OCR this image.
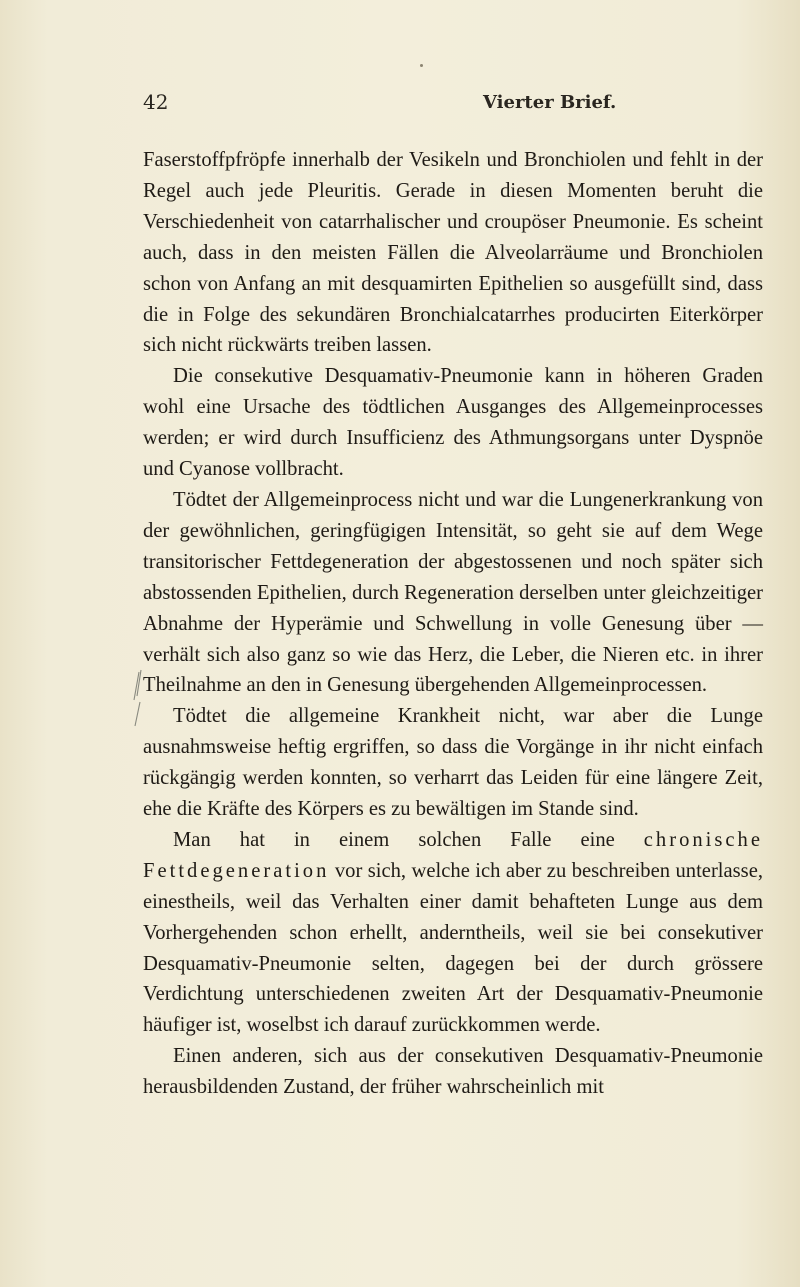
42	Vierter Brief.

Faserstoffpfröpfe innerhalb der Vesikeln und Bronchiolen und fehlt in der Regel auch jede Pleuritis. Gerade in diesen Momenten beruht die Verschiedenheit von catarrhalischer und croupöser Pneumonie. Es scheint auch, dass in den meisten Fällen die Alveolarräume und Bronchiolen schon von Anfang an mit desquamirten Epithelien so ausgefüllt sind, dass die in Folge des sekundären Bronchialcatarrhes producirten Eiterkörper sich nicht rückwärts treiben lassen.

Die consekutive Desquamativ-Pneumonie kann in höheren Graden wohl eine Ursache des tödtlichen Ausganges des Allgemeinprocesses werden; er wird durch Insufficienz des Athmungsorgans unter Dyspnöe und Cyanose vollbracht.

Tödtet der Allgemeinprocess nicht und war die Lungenerkrankung von der gewöhnlichen, geringfügigen Intensität, so geht sie auf dem Wege transitorischer Fettdegeneration der abgestossenen und noch später sich abstossenden Epithelien, durch Regeneration derselben unter gleichzeitiger Abnahme der Hyperämie und Schwellung in volle Genesung über — verhält sich also ganz so wie das Herz, die Leber, die Nieren etc. in ihrer Theilnahme an den in Genesung übergehenden Allgemeinprocessen.

Tödtet die allgemeine Krankheit nicht, war aber die Lunge ausnahmsweise heftig ergriffen, so dass die Vorgänge in ihr nicht einfach rückgängig werden konnten, so verharrt das Leiden für eine längere Zeit, ehe die Kräfte des Körpers es zu bewältigen im Stande sind.

Man hat in einem solchen Falle eine chronische Fettdegeneration vor sich, welche ich aber zu beschreiben unterlasse, einestheils, weil das Verhalten einer damit behafteten Lunge aus dem Vorhergehenden schon erhellt, anderntheils, weil sie bei consekutiver Desquamativ-Pneumonie selten, dagegen bei der durch grössere Verdichtung unterschiedenen zweiten Art der Desquamativ-Pneumonie häufiger ist, woselbst ich darauf zurückkommen werde.

Einen anderen, sich aus der consekutiven Desquamativ-Pneumonie herausbildenden Zustand, der früher wahrscheinlich mit
